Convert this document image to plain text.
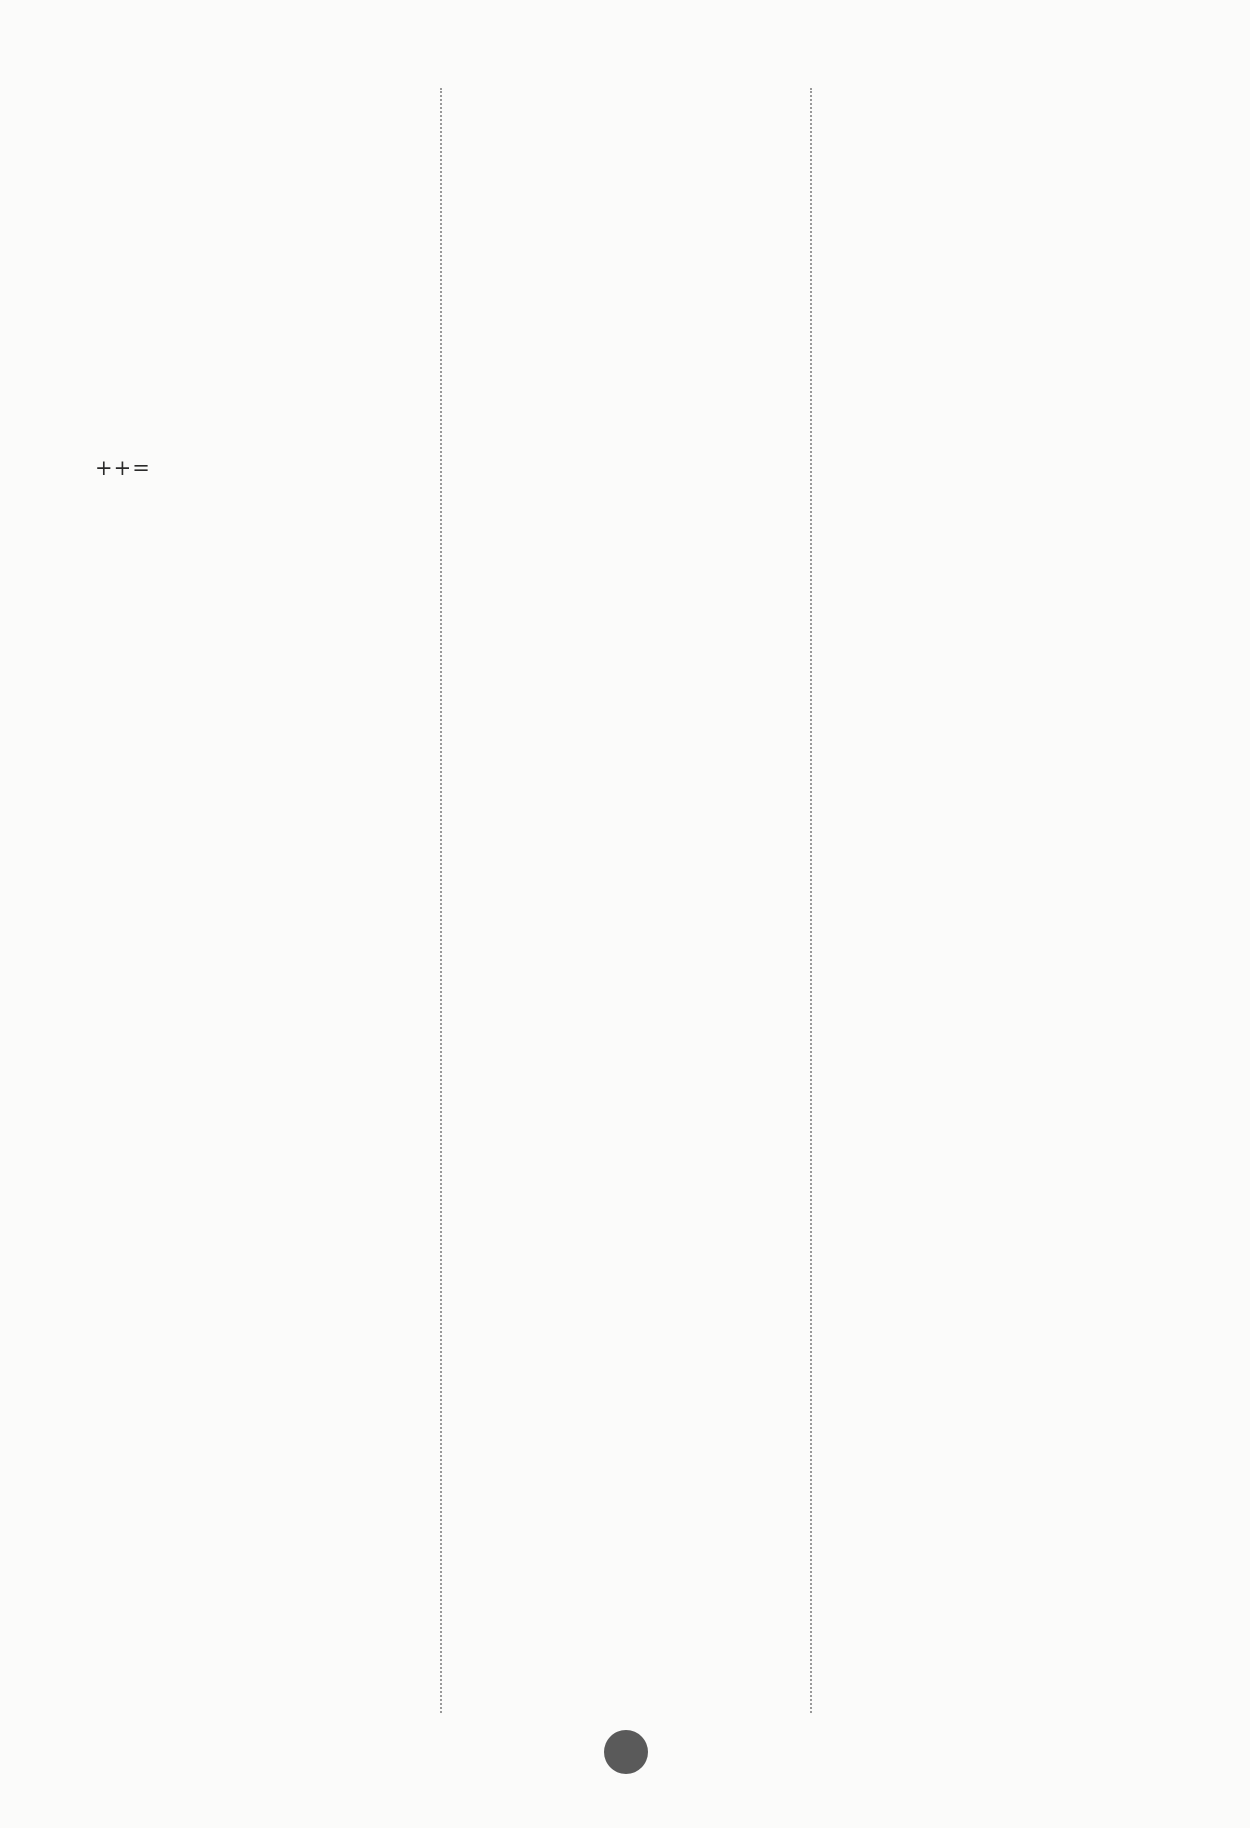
++=
